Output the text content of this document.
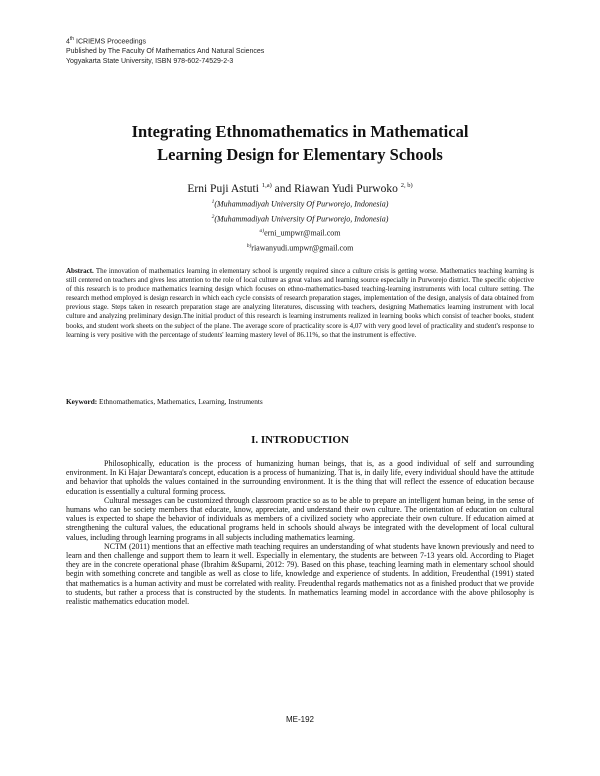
4th ICRIEMS Proceedings
Published by The Faculty Of Mathematics And Natural Sciences
Yogyakarta State University, ISBN 978-602-74529-2-3
Integrating Ethnomathematics in Mathematical
Learning Design for Elementary Schools
Erni Puji Astuti $^{1,a)}$ and Riawan Yudi Purwoko $^{2, b)}$
$^1$(Muhammadiyah University Of Purworejo, Indonesia)
$^2$(Muhammadiyah University Of Purworejo, Indonesia)
$^{a)}$erni_umpwr@mail.com
$^{b)}$riawanyudi.umpwr@gmail.com
Abstract. The innovation of mathematics learning in elementary school is urgently required since a culture crisis is getting worse. Mathematics teaching learning is still centered on teachers and gives less attention to the role of local culture as great values and learning source especially in Purworejo district. The specific objective of this research is to produce mathematics learning design which focuses on ethno-mathematics-based teaching-learning instruments with local culture setting. The research method employed is design research in which each cycle consists of research preparation stages, implementation of the design, analysis of data obtained from previous stage. Steps taken in research preparation stage are analyzing literatures, discussing with teachers, designing Mathematics learning instrument with local culture and analyzing preliminary design.The initial product of this research is learning instruments realized in learning books which consist of teacher books, student books, and student work sheets on the subject of the plane. The average score of practicality score is 4,07 with very good level of practicality and student's response to learning is very positive with the percentage of students' learning mastery level of 86.11%, so that the instrument is effective.
Keyword: Ethnomathematics, Mathematics, Learning, Instruments
I. INTRODUCTION

Philosophically, education is the process of humanizing human beings, that is, as a good individual of self and surrounding environment. In Ki Hajar Dewantara's concept, education is a process of humanizing. That is, in daily life, every individual should have the attitude and behavior that upholds the values contained in the surrounding environment. It is the thing that will reflect the essence of education because education is essentially a cultural forming process.

Cultural messages can be customized through classroom practice so as to be able to prepare an intelligent human being, in the sense of humans who can be society members that educate, know, appreciate, and understand their own culture. The orientation of education on cultural values is expected to shape the behavior of individuals as members of a civilized society who appreciate their own culture. If education aimed at strengthening the cultural values, the educational programs held in schools should always be integrated with the development of local cultural values, including through learning programs in all subjects including mathematics learning.

NCTM (2011) mentions that an effective math teaching requires an understanding of what students have known previously and need to learn and then challenge and support them to learn it well. Especially in elementary, the students are between 7-13 years old. According to Piaget they are in the concrete operational phase (Ibrahim &Suparni, 2012: 79). Based on this phase, teaching learning math in elementary school should begin with something concrete and tangible as well as close to life, knowledge and experience of students. In addition, Freudenthal (1991) stated that mathematics is a human activity and must be correlated with reality. Freudenthal regards mathematics not as a finished product that we provide to students, but rather a process that is constructed by the students. In mathematics learning model in accordance with the above philosophy is realistic mathematics education model.

ME-192
